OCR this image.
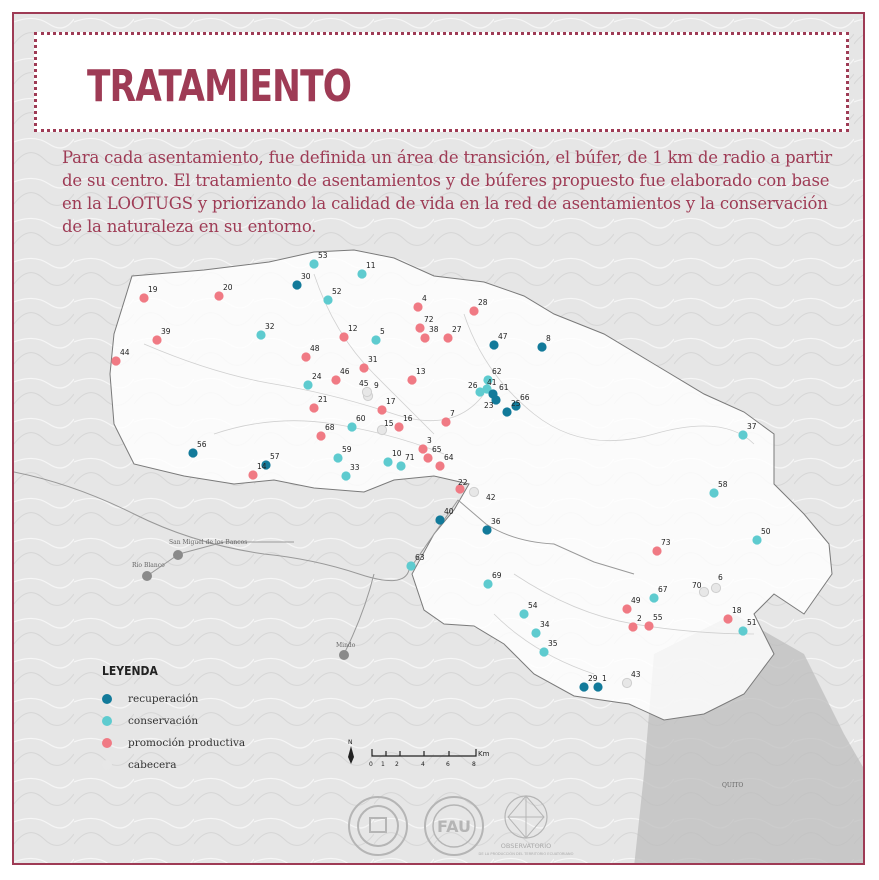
San Miguel de los Bancos
Río Blanco
Mindo
QUITO
53
11
30
52
19	20
4	28
72
38 27
47	8
32	12	5
39
44	48
31
62
46	13
24
9	26 41
61
45
23
66
25
17
21
7
60
15
16
68	37
3
56
59	65
10 71	64
57
14	33
22
42
58
40
36
50
73
63
69
70
6
67
49
54
2 55
18
51
34
35
29 1	43
N
0 1 2	4	6	8
Km
FAU
OBSERVATORIO
DE LA PRODUCCIÓN DEL TERRITORIO ECUATORIANO
TRATAMIENTO

Para cada asentamiento, fue definida un área de transición, el búfer, de 1 km de radio a partir de su centro. El tratamiento de asentamientos y de búferes propuesto fue elaborado con base en la LOOTUGS y priorizando la calidad de vida en la red de asentamientos y la conservación de la naturaleza en su entorno.

LEYENDA
recuperación
conservación
promoción productiva
cabecera
